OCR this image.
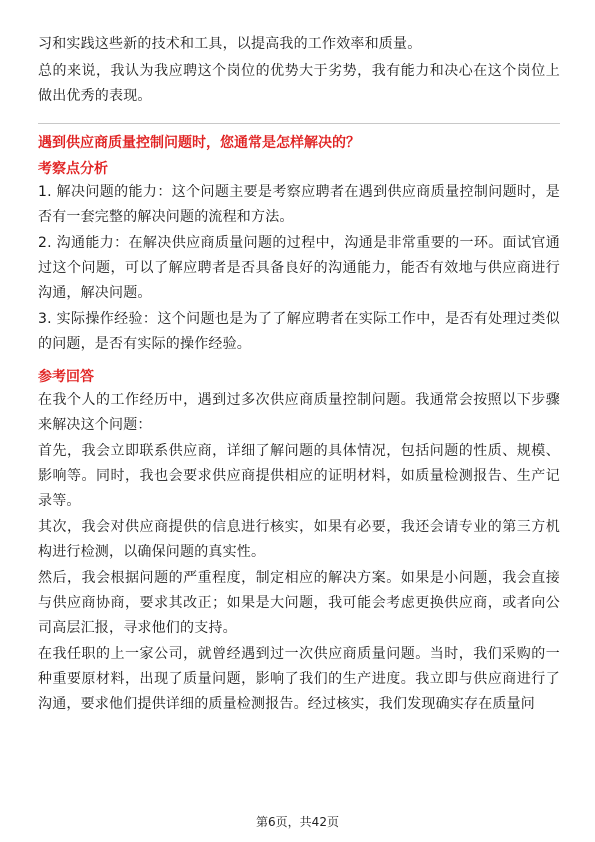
习和实践这些新的技术和工具，以提高我的工作效率和质量。

总的来说，我认为我应聘这个岗位的优势大于劣势，我有能力和决心在这个岗位上做出优秀的表现。

遇到供应商质量控制问题时，您通常是怎样解决的？
考察点分析

1. 解决问题的能力：这个问题主要是考察应聘者在遇到供应商质量控制问题时，是否有一套完整的解决问题的流程和方法。

2. 沟通能力：在解决供应商质量问题的过程中，沟通是非常重要的一环。面试官通过这个问题，可以了解应聘者是否具备良好的沟通能力，能否有效地与供应商进行沟通，解决问题。

3. 实际操作经验：这个问题也是为了了解应聘者在实际工作中，是否有处理过类似的问题，是否有实际的操作经验。

参考回答

在我个人的工作经历中，遇到过多次供应商质量控制问题。我通常会按照以下步骤来解决这个问题：

首先，我会立即联系供应商，详细了解问题的具体情况，包括问题的性质、规模、影响等。同时，我也会要求供应商提供相应的证明材料，如质量检测报告、生产记录等。

其次，我会对供应商提供的信息进行核实，如果有必要，我还会请专业的第三方机构进行检测，以确保问题的真实性。

然后，我会根据问题的严重程度，制定相应的解决方案。如果是小问题，我会直接与供应商协商，要求其改正；如果是大问题，我可能会考虑更换供应商，或者向公司高层汇报，寻求他们的支持。

在我任职的上一家公司，就曾经遇到过一次供应商质量问题。当时，我们采购的一种重要原材料，出现了质量问题，影响了我们的生产进度。我立即与供应商进行了沟通，要求他们提供详细的质量检测报告。经过核实，我们发现确实存在质量问

第6页，共42页
